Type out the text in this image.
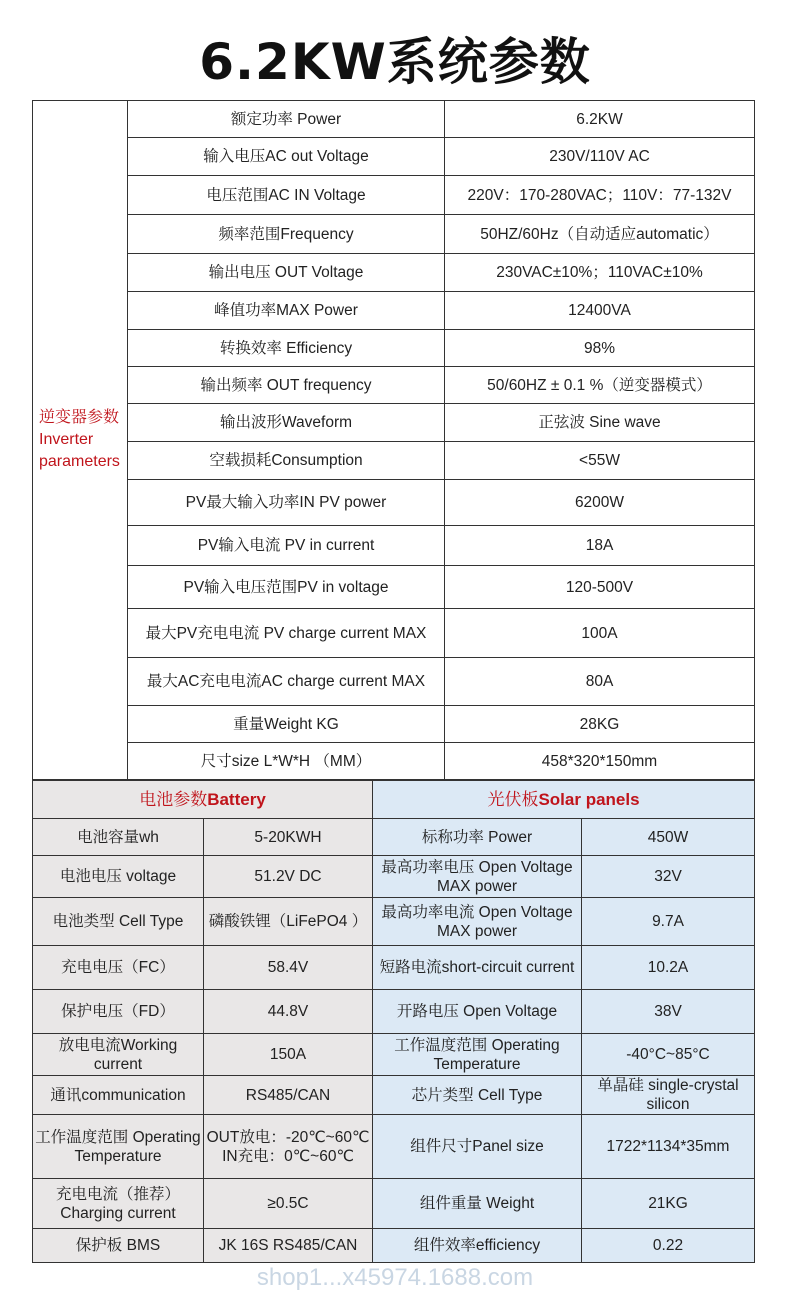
6.2KW系统参数
逆变器参数Inverter parameters	额定功率 Power	6.2KW
	输入电压AC out Voltage	230V/110V AC
	电压范围AC IN Voltage	220V：170-280VAC；110V：77-132V
	频率范围Frequency	50HZ/60Hz（自动适应automatic）
	输出电压 OUT Voltage	230VAC±10%；110VAC±10%
	峰值功率MAX Power	12400VA
	转换效率 Efficiency	98%
	输出频率 OUT frequency	50/60HZ ± 0.1 %（逆变器模式）
	输出波形Waveform	正弦波 Sine wave
	空载损耗Consumption	<55W
	PV最大输入功率IN PV power	6200W
	PV输入电流 PV in current	18A
	PV输入电压范围PV in voltage	120-500V
	最大PV充电电流 PV charge current MAX	100A
	最大AC充电电流AC charge current MAX	80A
	重量Weight KG	28KG
	尺寸size L*W*H （MM）	458*320*150mm
电池参数Battery		光伏板Solar panels	
电池容量wh	5-20KWH	标称功率 Power	450W
电池电压 voltage	51.2V DC	最高功率电压 Open Voltage MAX power	32V
电池类型 Cell Type	磷酸铁锂（LiFePO4 ）	最高功率电流 Open Voltage MAX power	9.7A
充电电压（FC）	58.4V	短路电流short-circuit current	10.2A
保护电压（FD）	44.8V	开路电压 Open Voltage	38V
放电电流Working current	150A	工作温度范围 Operating Temperature	-40°C~85°C
通讯communication	RS485/CAN	芯片类型 Cell Type	单晶硅 single-crystal silicon
工作温度范围 Operating Temperature	OUT放电：-20℃~60℃ IN充电：0℃~60℃	组件尺寸Panel size	1722*1134*35mm
充电电流（推荐） Charging current	≥0.5C	组件重量 Weight	21KG
保护板 BMS	JK 16S RS485/CAN	组件效率efficiency	0.22
shop1...x45974.1688.com
